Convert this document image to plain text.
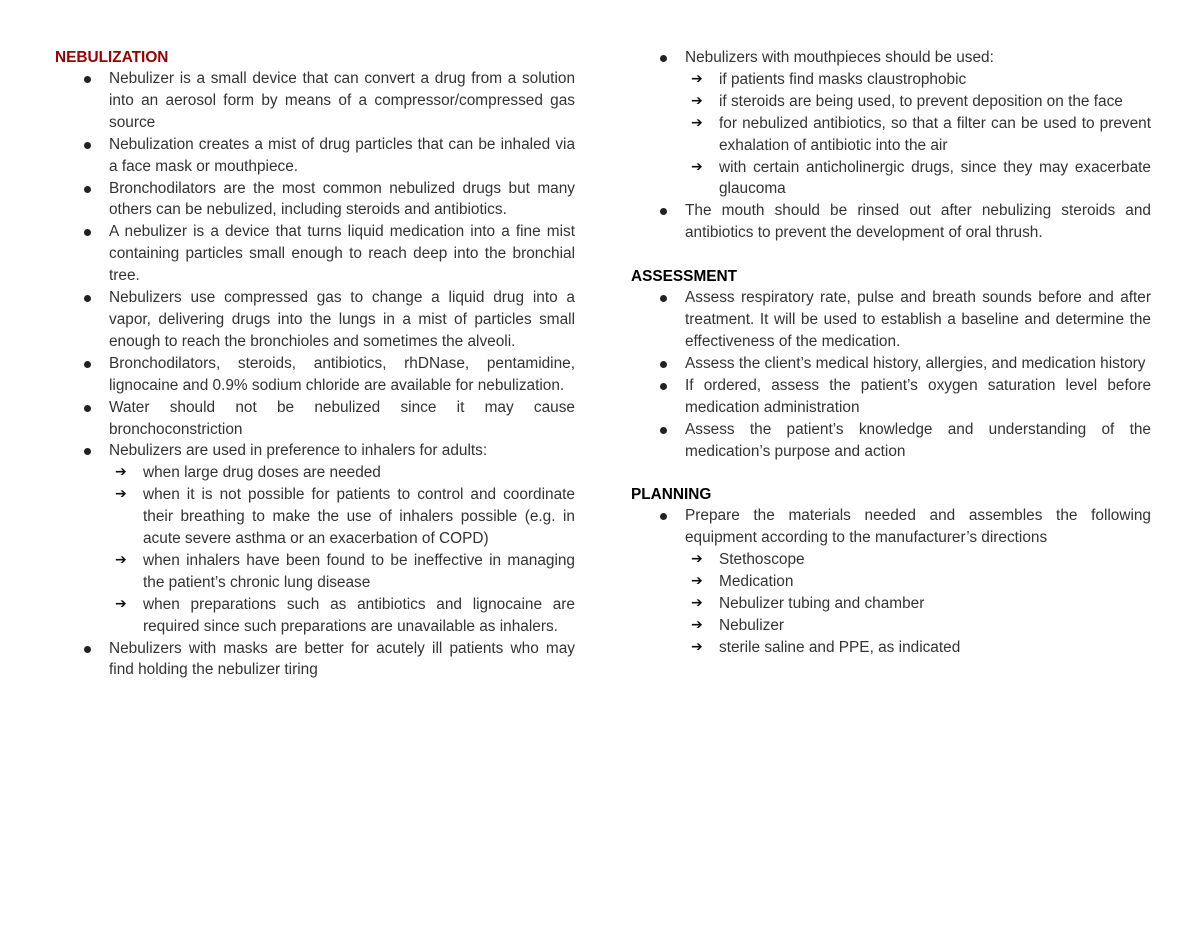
NEBULIZATION
Nebulizer is a small device that can convert a drug from a solution into an aerosol form by means of a compressor/compressed gas source
Nebulization creates a mist of drug particles that can be inhaled via a face mask or mouthpiece.
Bronchodilators are the most common nebulized drugs but many others can be nebulized, including steroids and antibiotics.
A nebulizer is a device that turns liquid medication into a fine mist containing particles small enough to reach deep into the bronchial tree.
Nebulizers use compressed gas to change a liquid drug into a vapor, delivering drugs into the lungs in a mist of particles small enough to reach the bronchioles and sometimes the alveoli.
Bronchodilators, steroids, antibiotics, rhDNase, pentamidine, lignocaine and 0.9% sodium chloride are available for nebulization.
Water should not be nebulized since it may cause bronchoconstriction
Nebulizers are used in preference to inhalers for adults:
➔ when large drug doses are needed
➔ when it is not possible for patients to control and coordinate their breathing to make the use of inhalers possible (e.g. in acute severe asthma or an exacerbation of COPD)
➔ when inhalers have been found to be ineffective in managing the patient’s chronic lung disease
➔ when preparations such as antibiotics and lignocaine are required since such preparations are unavailable as inhalers.
Nebulizers with masks are better for acutely ill patients who may find holding the nebulizer tiring
Nebulizers with mouthpieces should be used:
➔ if patients find masks claustrophobic
➔ if steroids are being used, to prevent deposition on the face
➔ for nebulized antibiotics, so that a filter can be used to prevent exhalation of antibiotic into the air
➔ with certain anticholinergic drugs, since they may exacerbate glaucoma
The mouth should be rinsed out after nebulizing steroids and antibiotics to prevent the development of oral thrush.
ASSESSMENT
Assess respiratory rate, pulse and breath sounds before and after treatment. It will be used to establish a baseline and determine the effectiveness of the medication.
Assess the client’s medical history, allergies, and medication history
If ordered, assess the patient’s oxygen saturation level before medication administration
Assess the patient’s knowledge and understanding of the medication’s purpose and action
PLANNING
Prepare the materials needed and assembles the following equipment according to the manufacturer’s directions
➔ Stethoscope
➔ Medication
➔ Nebulizer tubing and chamber
➔ Nebulizer
➔ sterile saline and PPE, as indicated
